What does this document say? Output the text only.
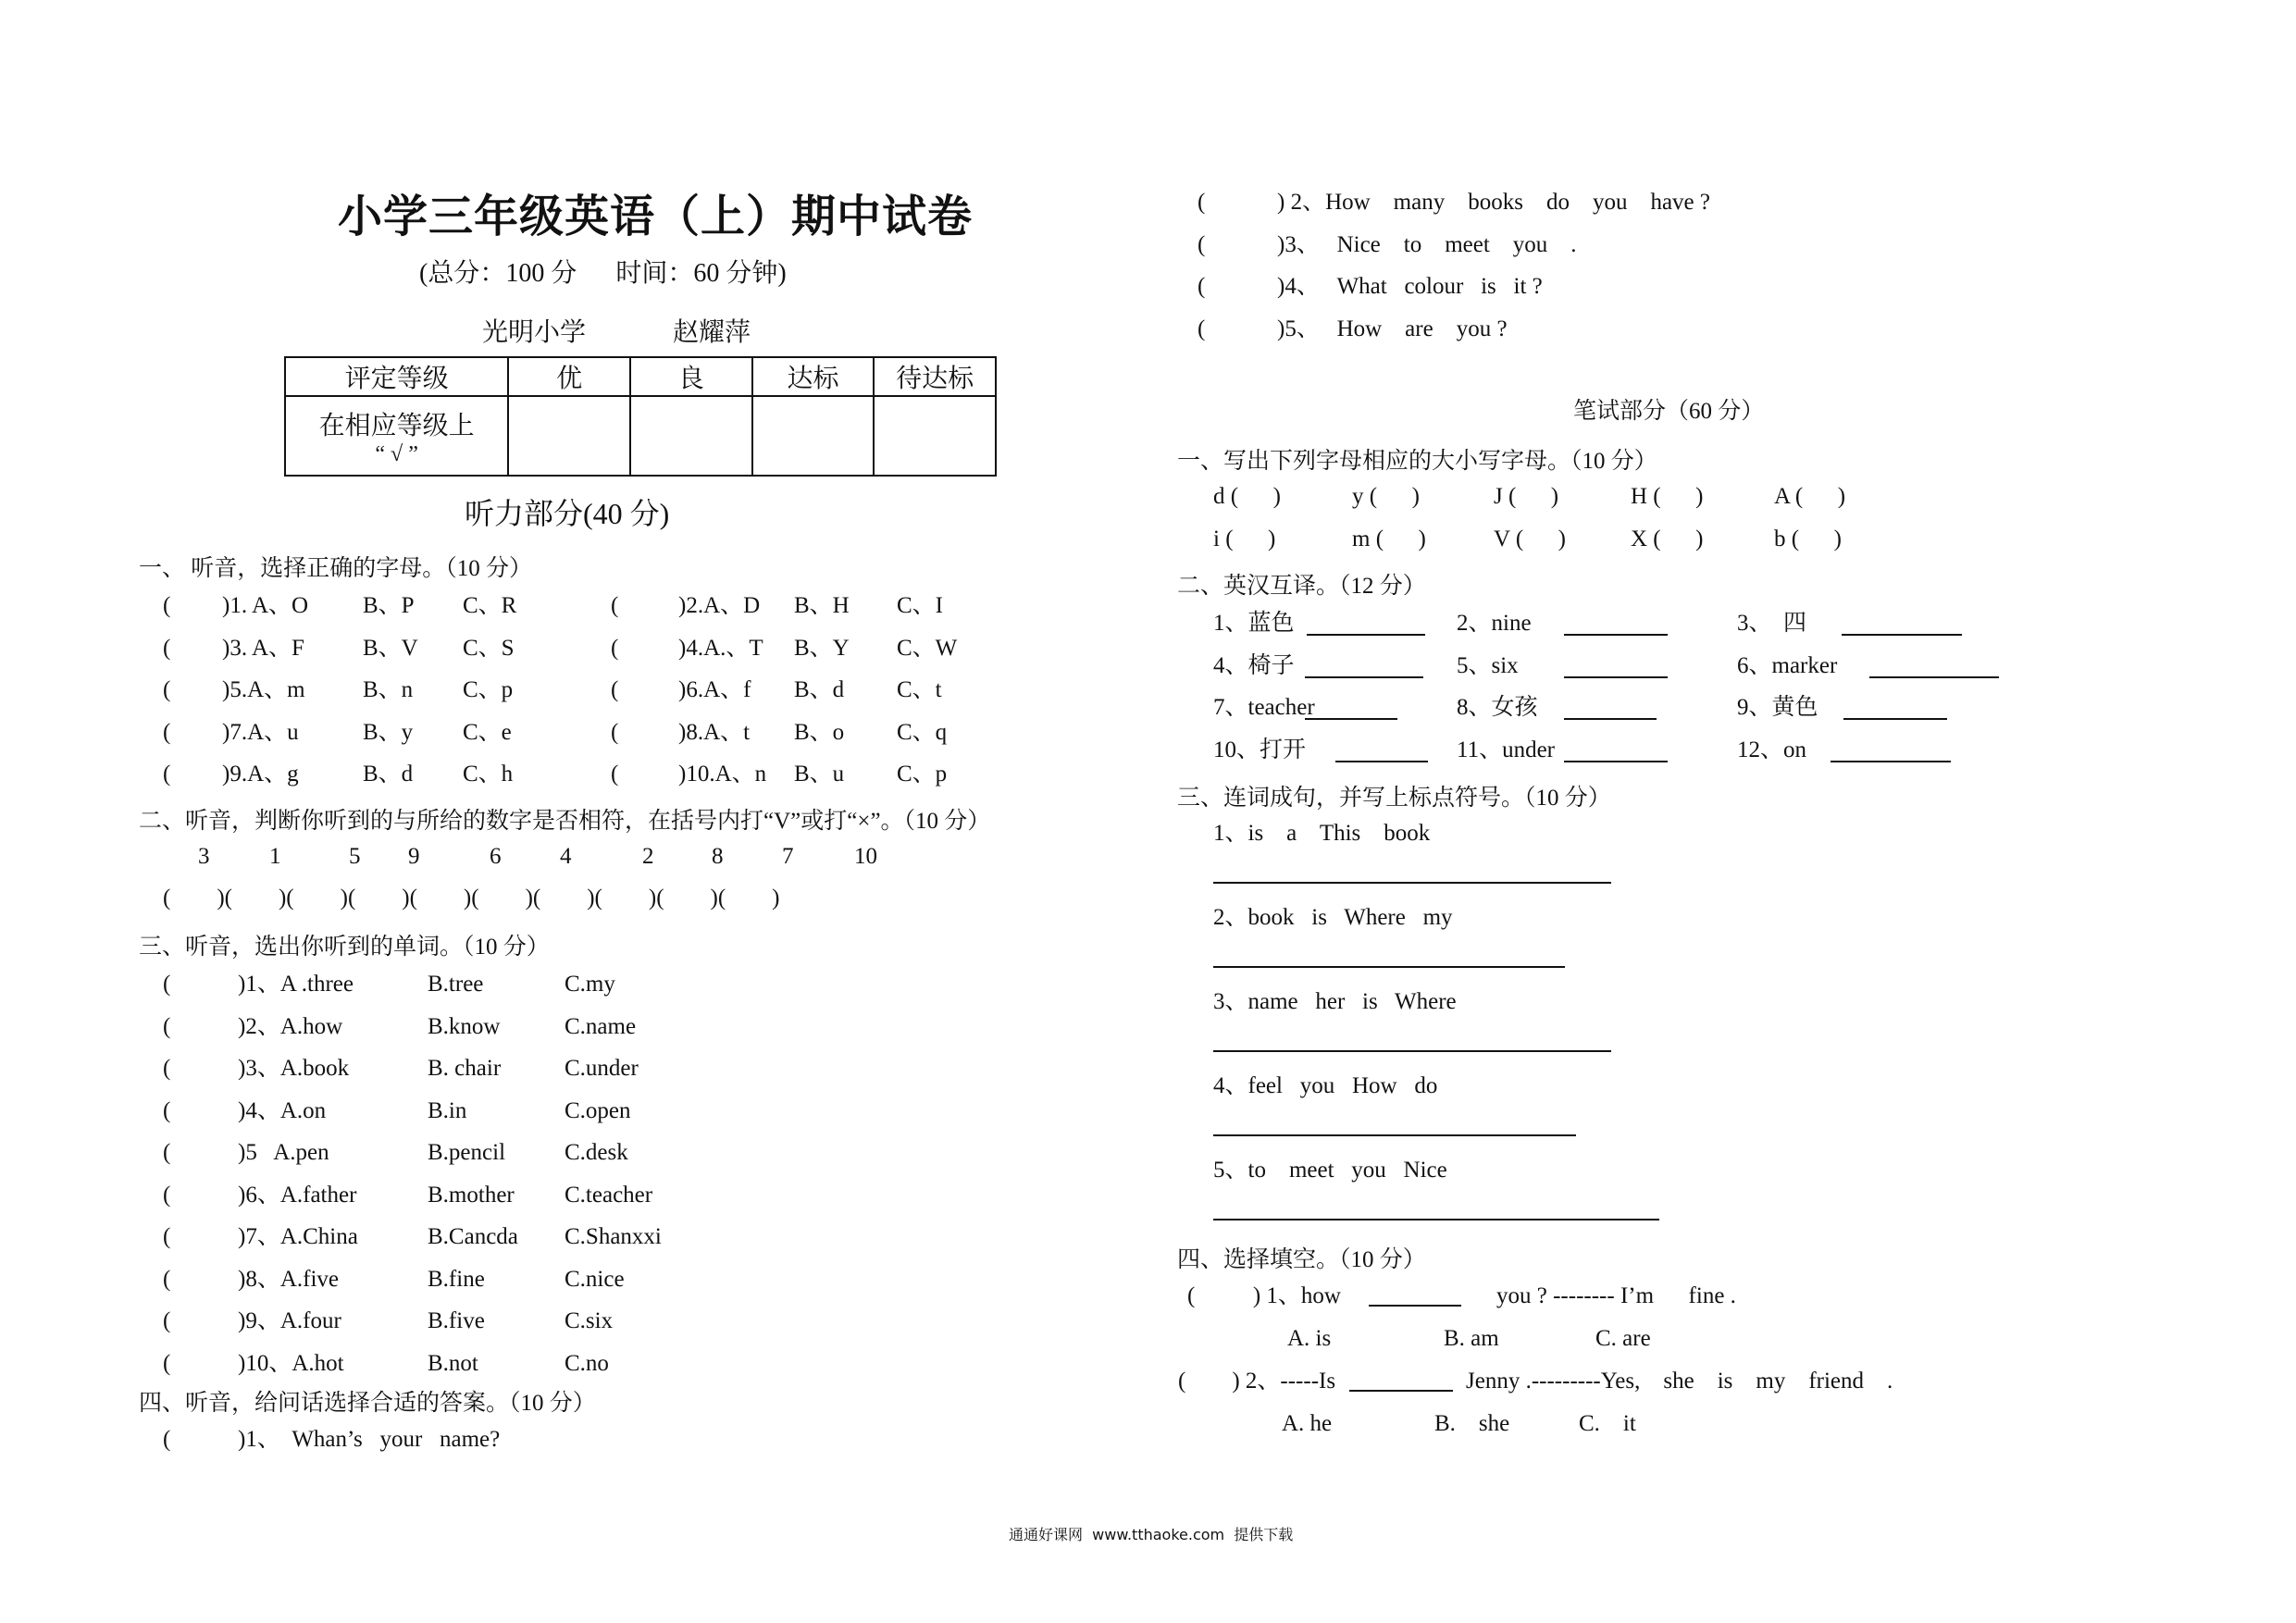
小学三年级英语（上）期中试卷
(总分：100 分      时间：60 分钟)
光明小学	赵耀萍
评定等级	优	良	达标	待达标

在相应等级上
“ √ ”				

听力部分(40 分)
一、 听音，选择正确的字母。（10 分）
( )1. A、O B、P C、R	(	)2.A、D B、H C、I
( )3. A、F	B、V C、S	(	)4.A.、T B、Y C、W
( )5.A、m B、n C、p	(	)6.A、f B、d C、t
( )7.A、u	B、y C、e	(	)8.A、t B、o C、q
( )9.A、g	B、d C、h	(	)10.A、n B、u C、p
二、听音，判断你听到的与所给的数字是否相符，在括号内打“V”或打“×”。（10 分）
3	1	5 9	6	4	2	8	7	10
(        )(        )(        )(        )(        )(        )(        )(        )(        )(        )
三、听音，选出你听到的单词。（10 分）
(	)1、A .three	B.tree	C.my
(	)2、A.how	B.know	C.name
(	)3、A.book	B. chair	C.under
(	)4、A.on	B.in	C.open
(	)5   A.pen	B.pencil	C.desk
(	)6、A.father	B.mother C.teacher
(	)7、A.China	B.Cancda C.Shanxxi
(	)8、A.five	B.fine	C.nice
(	)9、A.four	B.five	C.six
(	)10、A.hot	B.not	C.no
四、听音，给问话选择合适的答案。（10 分）
(	)1、  Whan’s   your   name?
(	) 2、How    many    books    do    you    have ?
(	)3、   Nice    to    meet    you    .
(	)4、   What   colour   is   it ?
(	)5、   How    are    you ?
笔试部分（60 分）
一、写出下列字母相应的大小写字母。（10 分）
d (      )	y (      )	J (      )	H (      )	A (      )
i (      )	m (      )	V (      )	X (      )	b (      )
二、英汉互译。（12 分）
1、蓝色	2、nine	3、  四
4、椅子	5、six	6、marker
7、teacher	8、女孩	9、黄色
10、打开	11、under	12、on
三、连词成句，并写上标点符号。（10 分）
1、is    a    This    book
2、book   is   Where   my
3、name   her   is   Where
4、feel   you   How   do
5、to    meet   you   Nice
四、选择填空。（10 分）
(          ) 1、how	you ? -------- I’m      fine .
A. is	B. am	C. are
(        ) 2、-----Is	Jenny .---------Yes,    she    is    my    friend    .
A. he	B.    she	C.    it
通通好课网  www.tthaoke.com  提供下载
